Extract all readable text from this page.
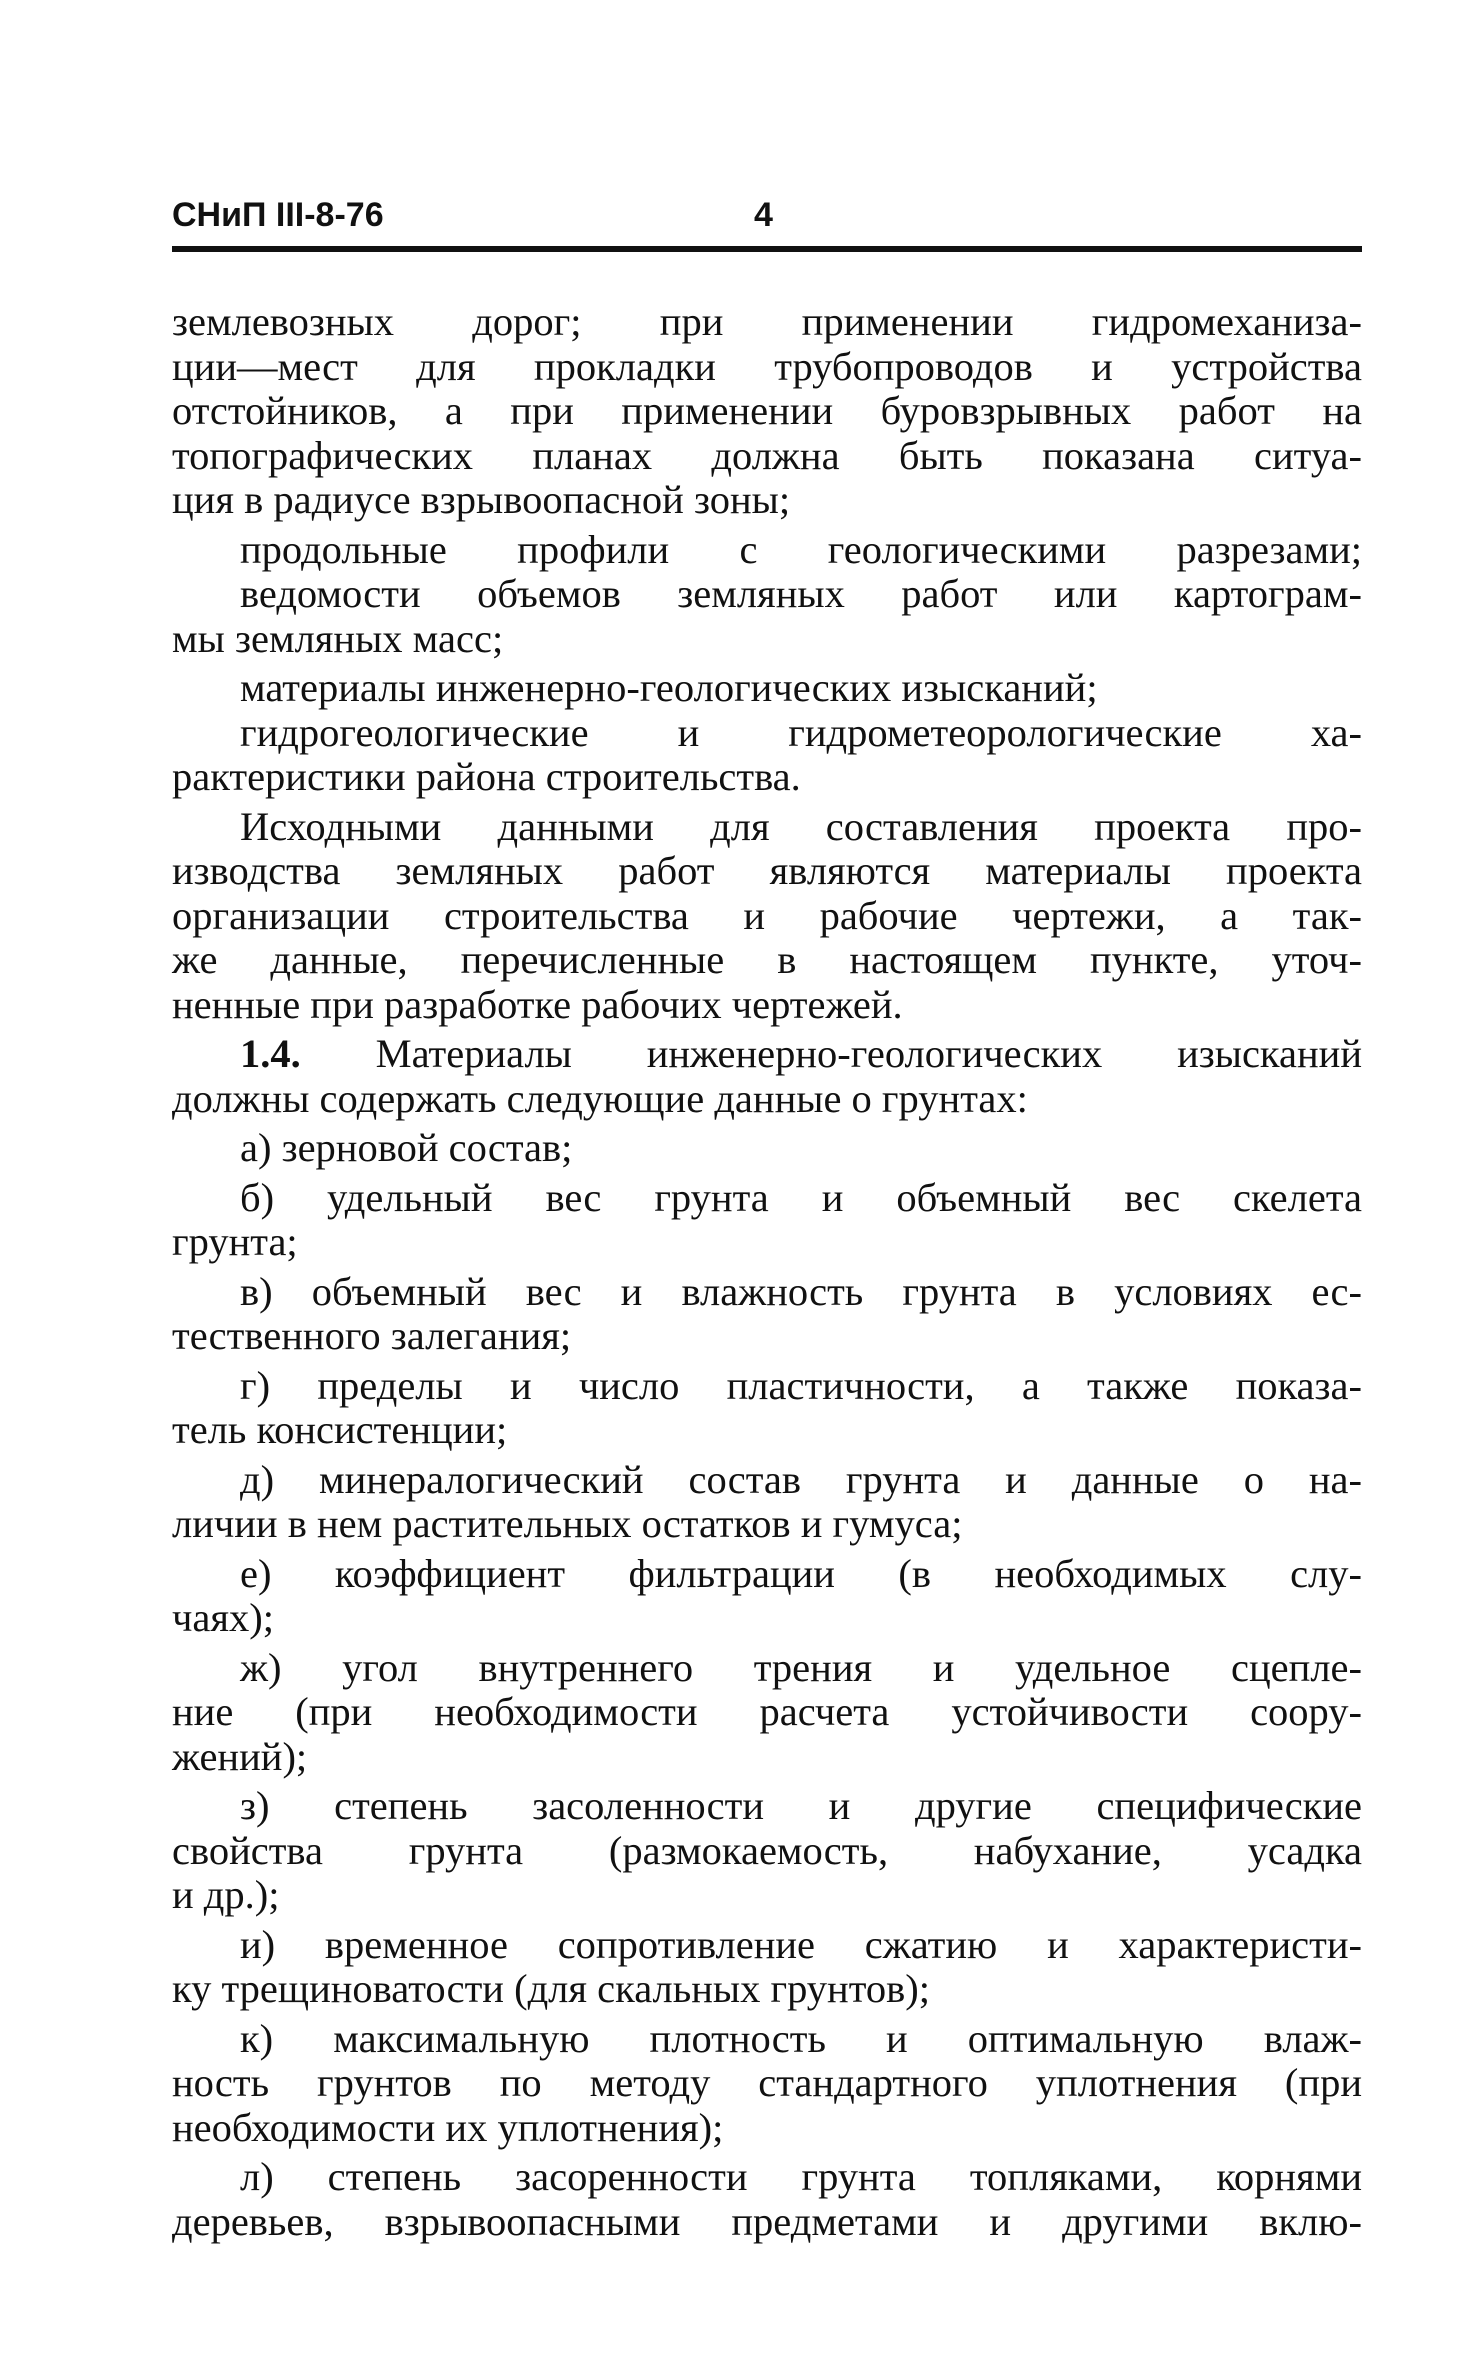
СНиП III-8-76	4
землевозных дорог; при применении гидромеханиза-
ции—мест для прокладки трубопроводов и устройства
отстойников, а при применении буровзрывных работ на
топографических планах должна быть показана ситуа-
ция в радиусе взрывоопасной зоны;
продольные профили с геологическими разрезами;
ведомости объемов земляных работ или картограм-
мы земляных масс;
материалы инженерно-геологических изысканий;
гидрогеологические и гидрометеорологические ха-
рактеристики района строительства.
Исходными данными для составления проекта про-
изводства земляных работ являются материалы проекта
организации строительства и рабочие чертежи, а так-
же данные, перечисленные в настоящем пункте, уточ-
ненные при разработке рабочих чертежей.
1.4. Материалы инженерно-геологических изысканий
должны содержать следующие данные о грунтах:
а) зерновой состав;
б) удельный вес грунта и объемный вес скелета
грунта;
в) объемный вес и влажность грунта в условиях ес-
тественного залегания;
г) пределы и число пластичности, а также показа-
тель консистенции;
д) минералогический состав грунта и данные о на-
личии в нем растительных остатков и гумуса;
е) коэффициент фильтрации (в необходимых слу-
чаях);
ж) угол внутреннего трения и удельное сцепле-
ние (при необходимости расчета устойчивости соору-
жений);
з) степень засоленности и другие специфические
свойства грунта (размокаемость, набухание, усадка
и др.);
и) временное сопротивление сжатию и характеристи-
ку трещиноватости (для скальных грунтов);
к) максимальную плотность и оптимальную влаж-
ность грунтов по методу стандартного уплотнения (при
необходимости их уплотнения);
л) степень засоренности грунта топляками, корнями
деревьев, взрывоопасными предметами и другими вклю-
